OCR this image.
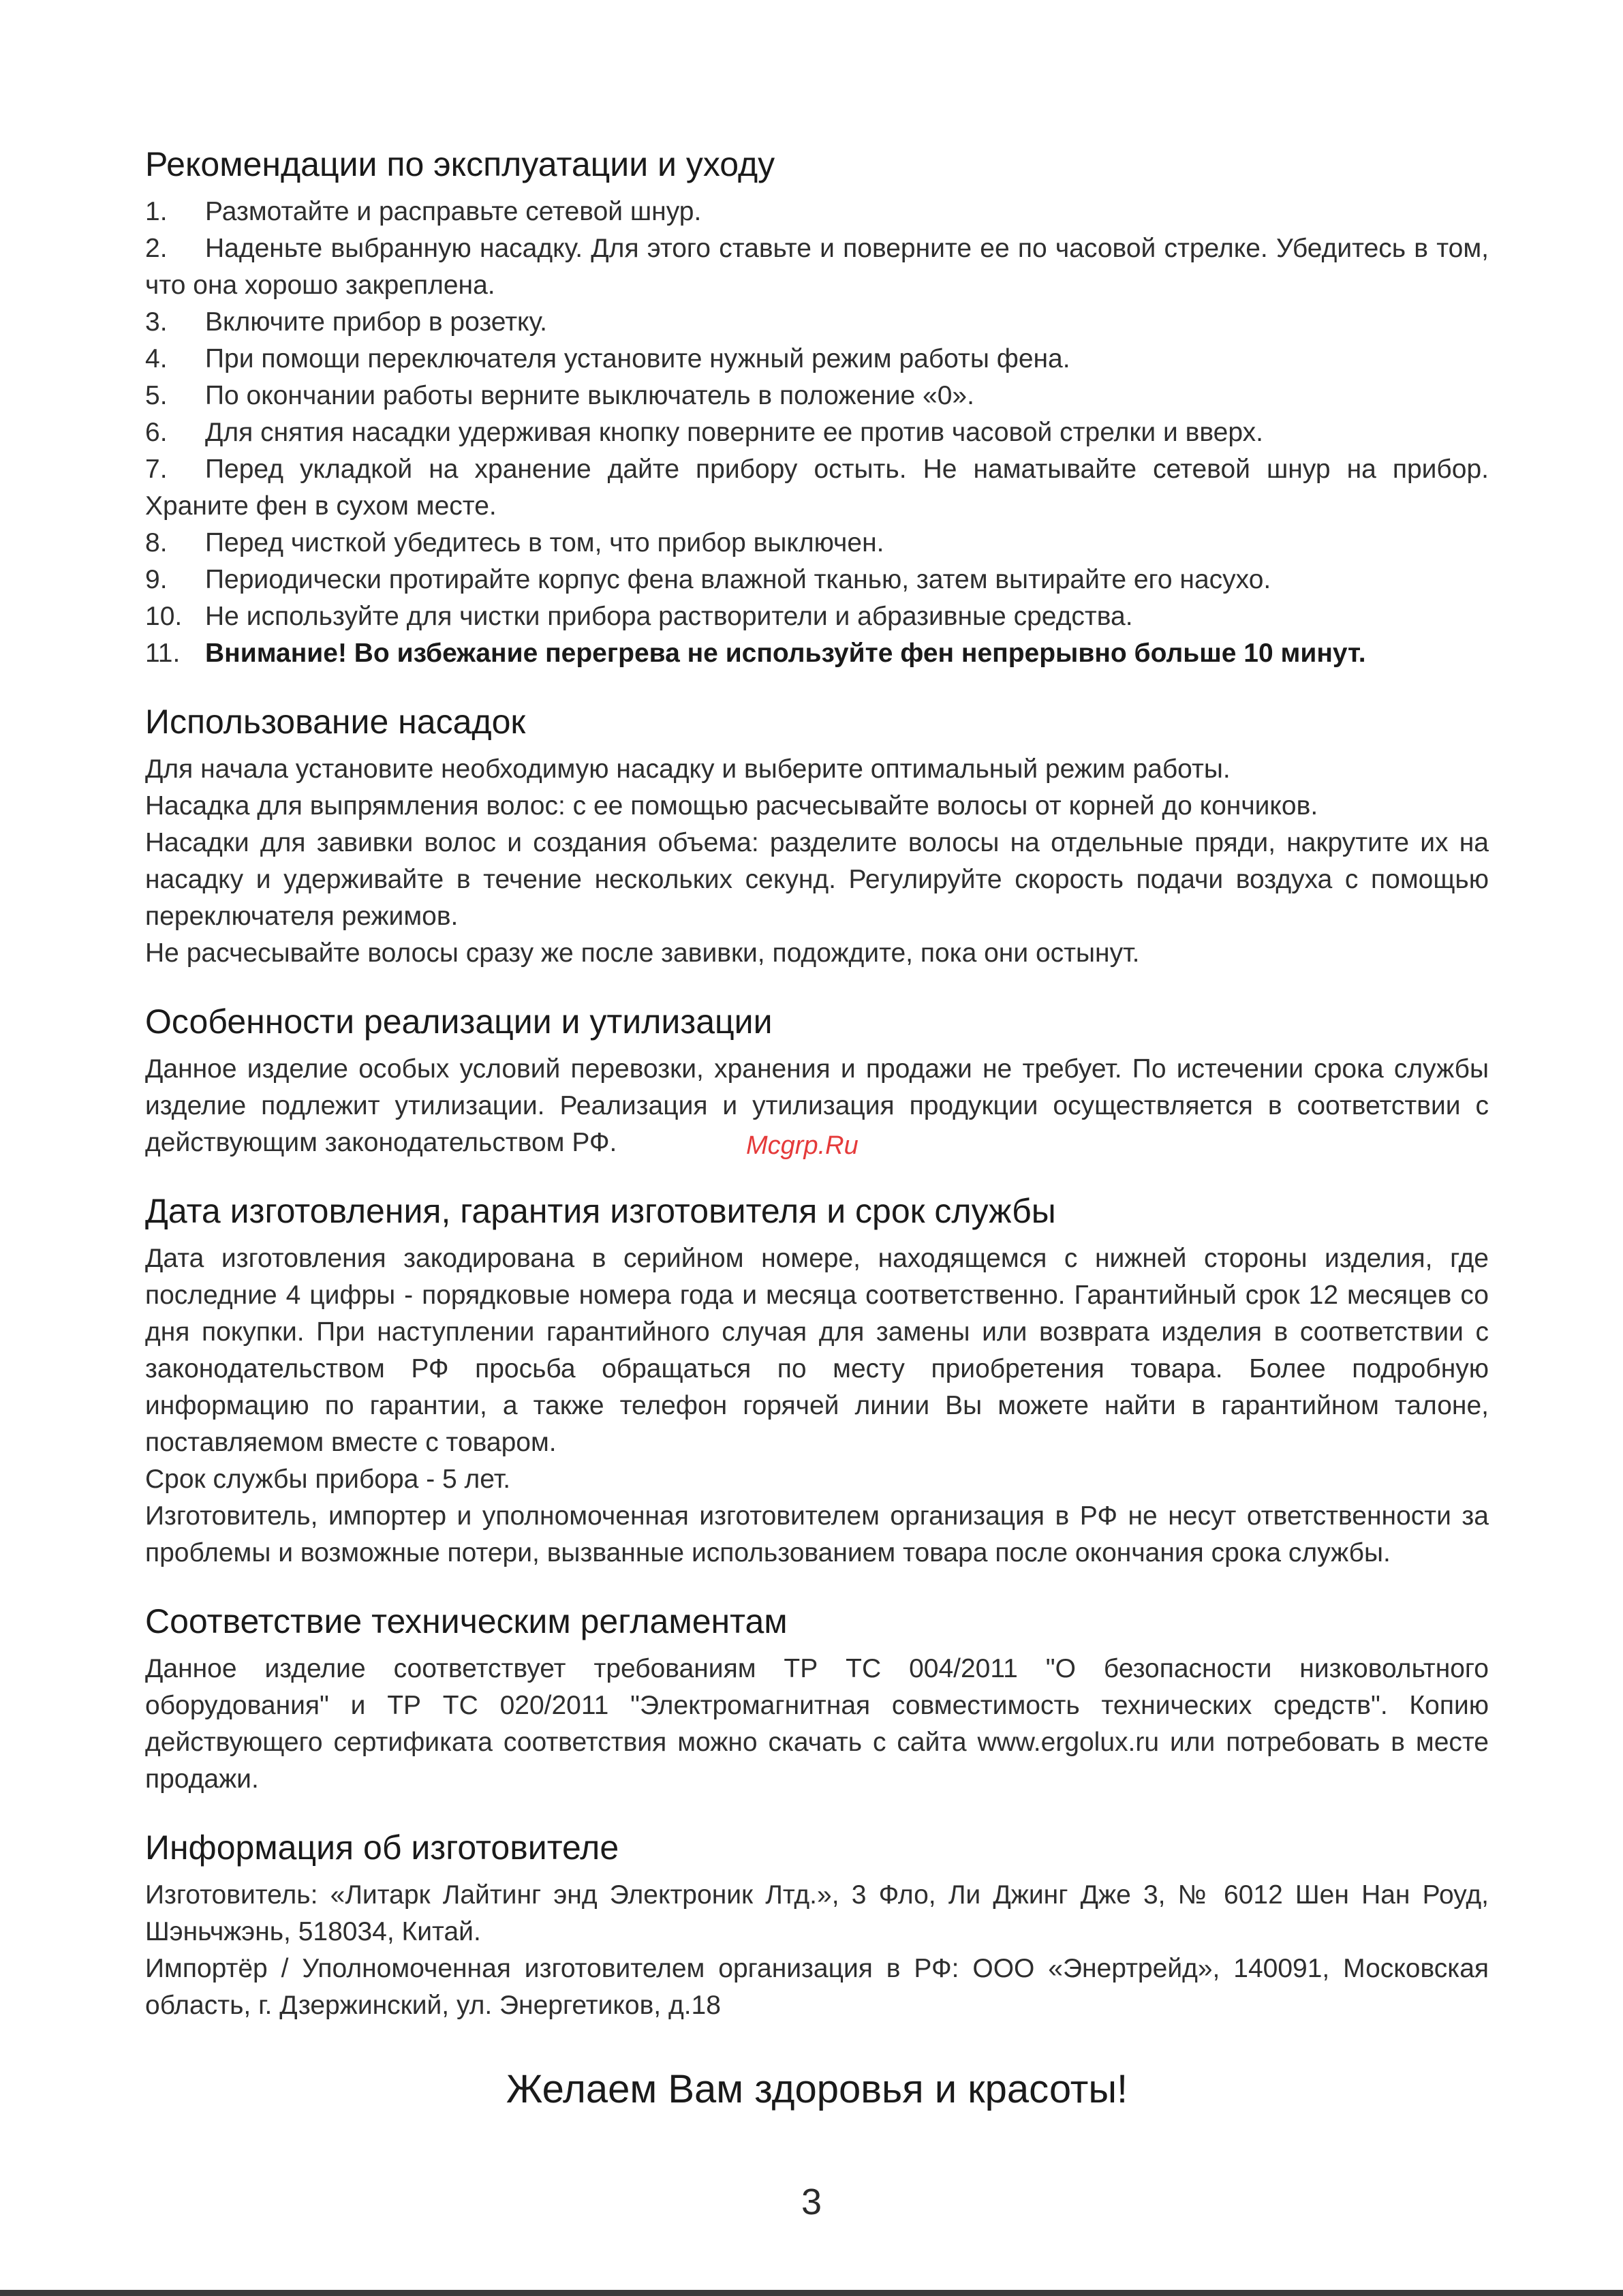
Рекомендации по эксплуатации и уходу
1. Размотайте и расправьте сетевой шнур.
2. Наденьте выбранную насадку. Для этого ставьте и поверните ее по часовой стрелке. Убедитесь в том, что она хорошо закреплена.
3. Включите прибор в розетку.
4. При помощи переключателя установите нужный режим работы фена.
5. По окончании работы верните выключатель в положение «0».
6. Для снятия насадки удерживая кнопку поверните ее против часовой стрелки и вверх.
7. Перед укладкой на хранение дайте прибору остыть. Не наматывайте сетевой шнур на прибор. Храните фен в сухом месте.
8. Перед чисткой убедитесь в том, что прибор выключен.
9. Периодически протирайте корпус фена влажной тканью, затем вытирайте его насухо.
10. Не используйте для чистки прибора растворители и абразивные средства.
11. Внимание! Во избежание перегрева не используйте фен непрерывно больше 10 минут.
Использование насадок

Для начала установите необходимую насадку и выберите оптимальный режим работы.

Насадка для выпрямления волос: с ее помощью расчесывайте волосы от корней до кончиков.

Насадки для завивки волос и создания объема: разделите волосы на отдельные пряди, накрутите их на насадку и удерживайте в течение нескольких секунд. Регулируйте скорость подачи воздуха с помощью переключателя режимов.

Не расчесывайте волосы сразу же после завивки, подождите, пока они остынут.

Особенности реализации и утилизации

Данное изделие особых условий перевозки, хранения и продажи не требует. По истечении срока службы изделие подлежит утилизации. Реализация и утилизация продукции осуществляется в соответствии с действующим законодательством РФ.

Дата изготовления, гарантия изготовителя и срок службы

Дата изготовления закодирована в серийном номере, находящемся с нижней стороны изделия, где последние 4 цифры - порядковые номера года и месяца соответственно. Гарантийный срок 12 месяцев со дня покупки. При наступлении гарантийного случая для замены или возврата изделия в соответствии с законодательством РФ просьба обращаться по месту приобретения товара. Более подробную информацию по гарантии, а также телефон горячей линии Вы можете найти в гарантийном талоне, поставляемом вместе с товаром.

Срок службы прибора - 5 лет.

Изготовитель, импортер и уполномоченная изготовителем организация в РФ не несут ответственности за проблемы и возможные потери, вызванные использованием товара после окончания срока службы.

Соответствие техническим регламентам

Данное изделие соответствует требованиям ТР ТС 004/2011 "О безопасности низковольтного оборудования" и ТР ТС 020/2011 "Электромагнитная совместимость технических средств". Копию действующего сертификата соответствия можно скачать с сайта www.ergolux.ru или потребовать в месте продажи.

Информация об изготовителе

Изготовитель: «Литарк Лайтинг энд Электроник Лтд.», 3 Фло, Ли Джинг Дже 3, № 6012 Шен Нан Роуд, Шэньчжэнь, 518034, Китай.

Импортёр / Уполномоченная изготовителем организация в РФ: ООО «Энертрейд», 140091, Московская область, г. Дзержинский, ул. Энергетиков, д.18

Желаем Вам здоровья и красоты!
Mcgrp.Ru
3
